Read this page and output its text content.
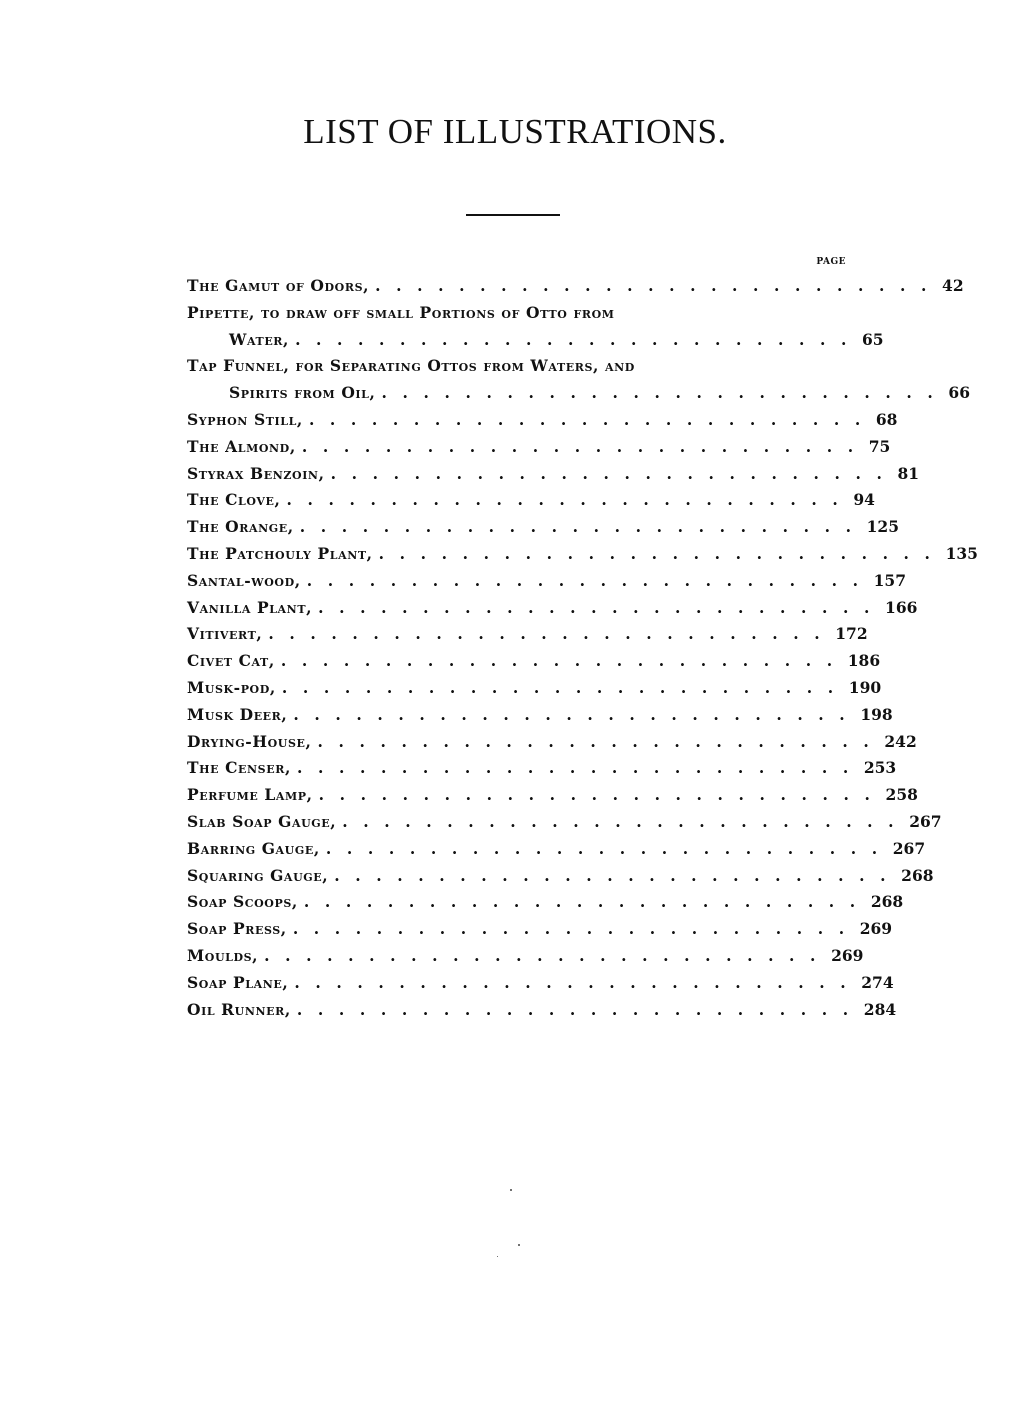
LIST OF ILLUSTRATIONS.
PAGE
The Gamut of Odors, ........................... 42
Pipette, to draw off small Portions of Otto from
Water, ........................... 65
Tap Funnel, for Separating Ottos from Waters, and
Spirits from Oil, ........................... 66
Syphon Still, ........................... 68
The Almond, ........................... 75
Styrax Benzoin, ........................... 81
The Clove, ........................... 94
The Orange, ........................... 125
The Patchouly Plant, ........................... 135
Santal-wood, ........................... 157
Vanilla Plant, ........................... 166
Vitivert, ........................... 172
Civet Cat, ........................... 186
Musk-pod, ........................... 190
Musk Deer, ........................... 198
Drying-House, ........................... 242
The Censer, ........................... 253
Perfume Lamp, ........................... 258
Slab Soap Gauge, ........................... 267
Barring Gauge, ........................... 267
Squaring Gauge, ........................... 268
Soap Scoops, ........................... 268
Soap Press, ........................... 269
Moulds, ........................... 269
Soap Plane, ........................... 274
Oil Runner, ........................... 284
